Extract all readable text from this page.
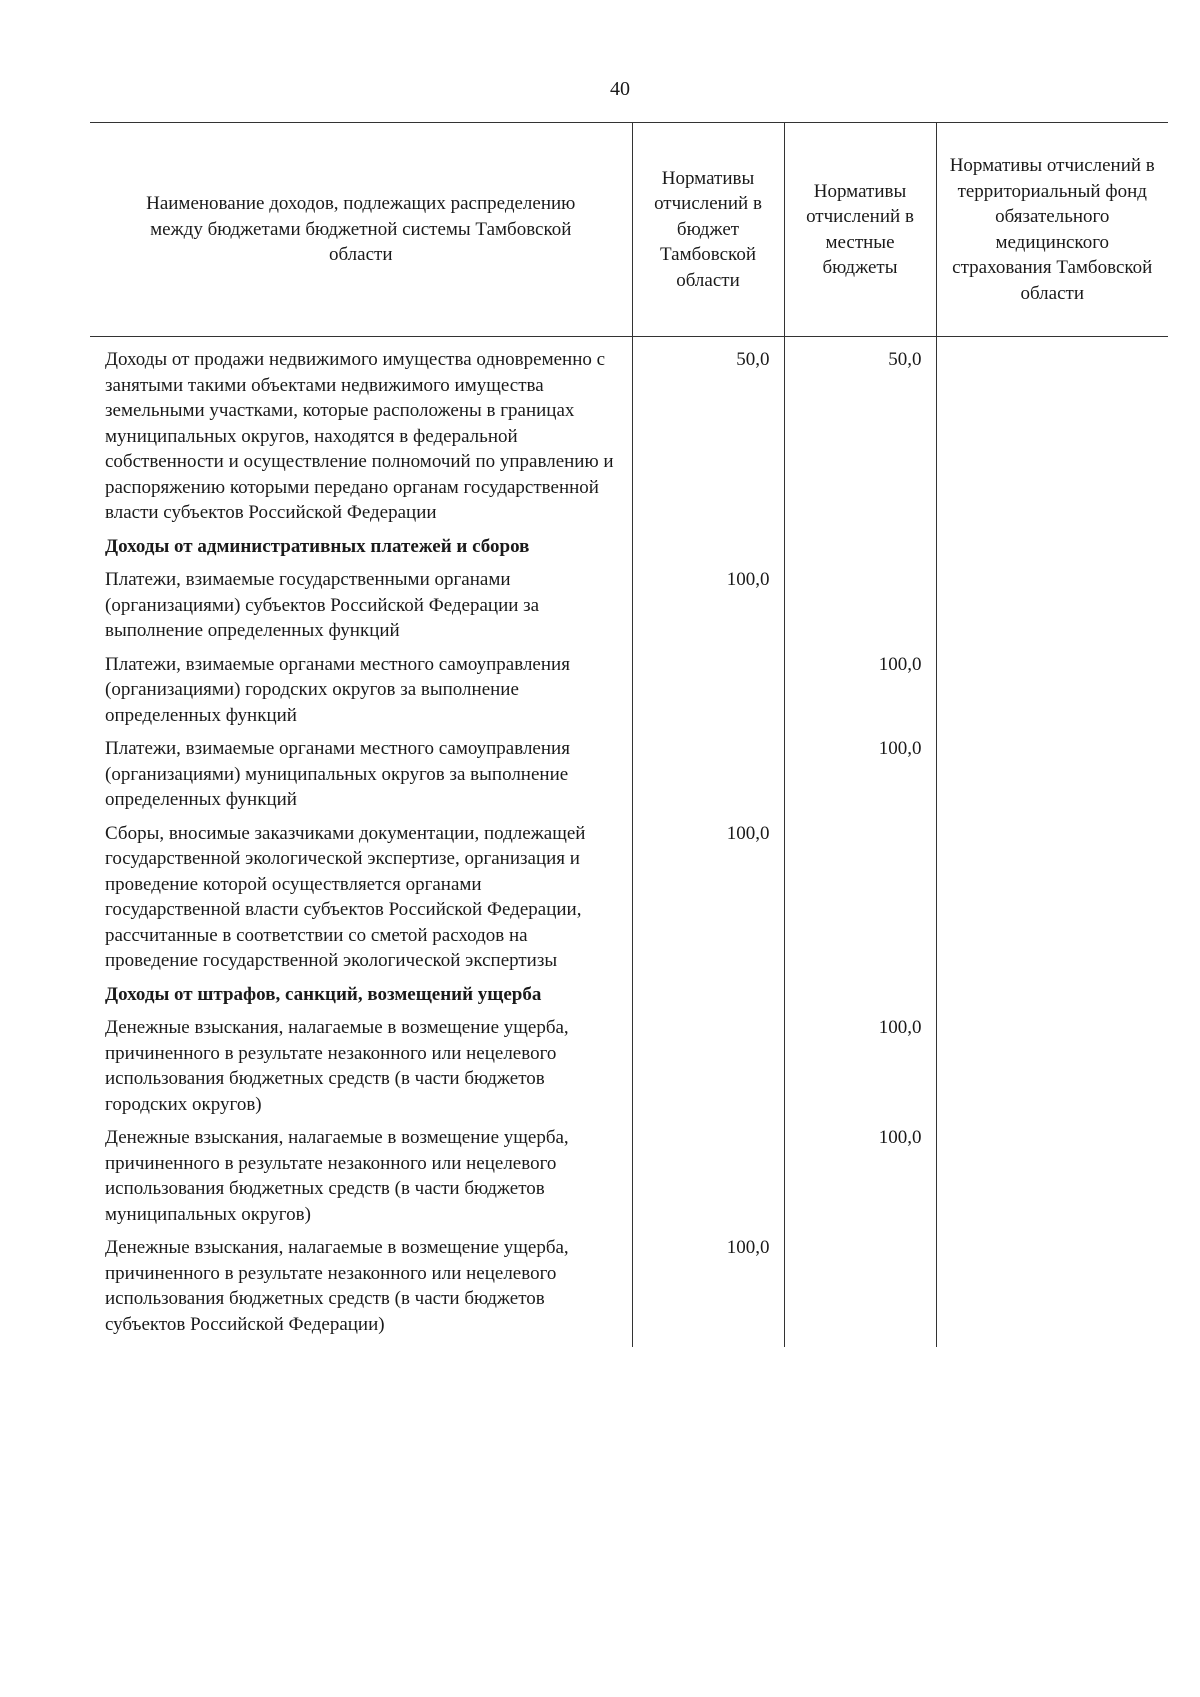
40
Наименование доходов, подлежащих распределению между бюджетами бюджетной системы Тамбовской области	Нормативы отчислений в бюджет Тамбовской области	Нормативы отчислений в местные бюджеты	Нормативы отчислений в территориальный фонд обязательного медицинского страхования Тамбовской области
Доходы от продажи недвижимого имущества одновременно с занятыми такими объектами недвижимого имущества земельными участками, которые расположены в границах муниципальных округов, находятся в федеральной собственности и осуществление полномочий по управлению и распоряжению которыми передано органам государственной власти субъектов Российской Федерации	50,0	50,0	
Доходы от административных платежей и сборов			
Платежи, взимаемые государственными органами (организациями) субъектов Российской Федерации за выполнение определенных функций	100,0		
Платежи, взимаемые органами местного самоуправления (организациями) городских округов за выполнение определенных функций		100,0	
Платежи, взимаемые органами местного самоуправления (организациями) муниципальных округов за выполнение определенных функций		100,0	
Сборы, вносимые заказчиками документации, подлежащей государственной экологической экспертизе, организация и проведение которой осуществляется органами государственной власти субъектов Российской Федерации, рассчитанные в соответствии со сметой расходов на проведение государственной экологической экспертизы	100,0		
Доходы от штрафов, санкций, возмещений ущерба			
Денежные взыскания, налагаемые в возмещение ущерба, причиненного в результате незаконного или нецелевого использования бюджетных средств (в части бюджетов городских округов)		100,0	
Денежные взыскания, налагаемые в возмещение ущерба, причиненного в результате незаконного или нецелевого использования бюджетных средств (в части бюджетов муниципальных округов)		100,0	
Денежные взыскания, налагаемые в возмещение ущерба, причиненного в результате незаконного или нецелевого использования бюджетных средств (в части бюджетов субъектов Российской Федерации)	100,0		
